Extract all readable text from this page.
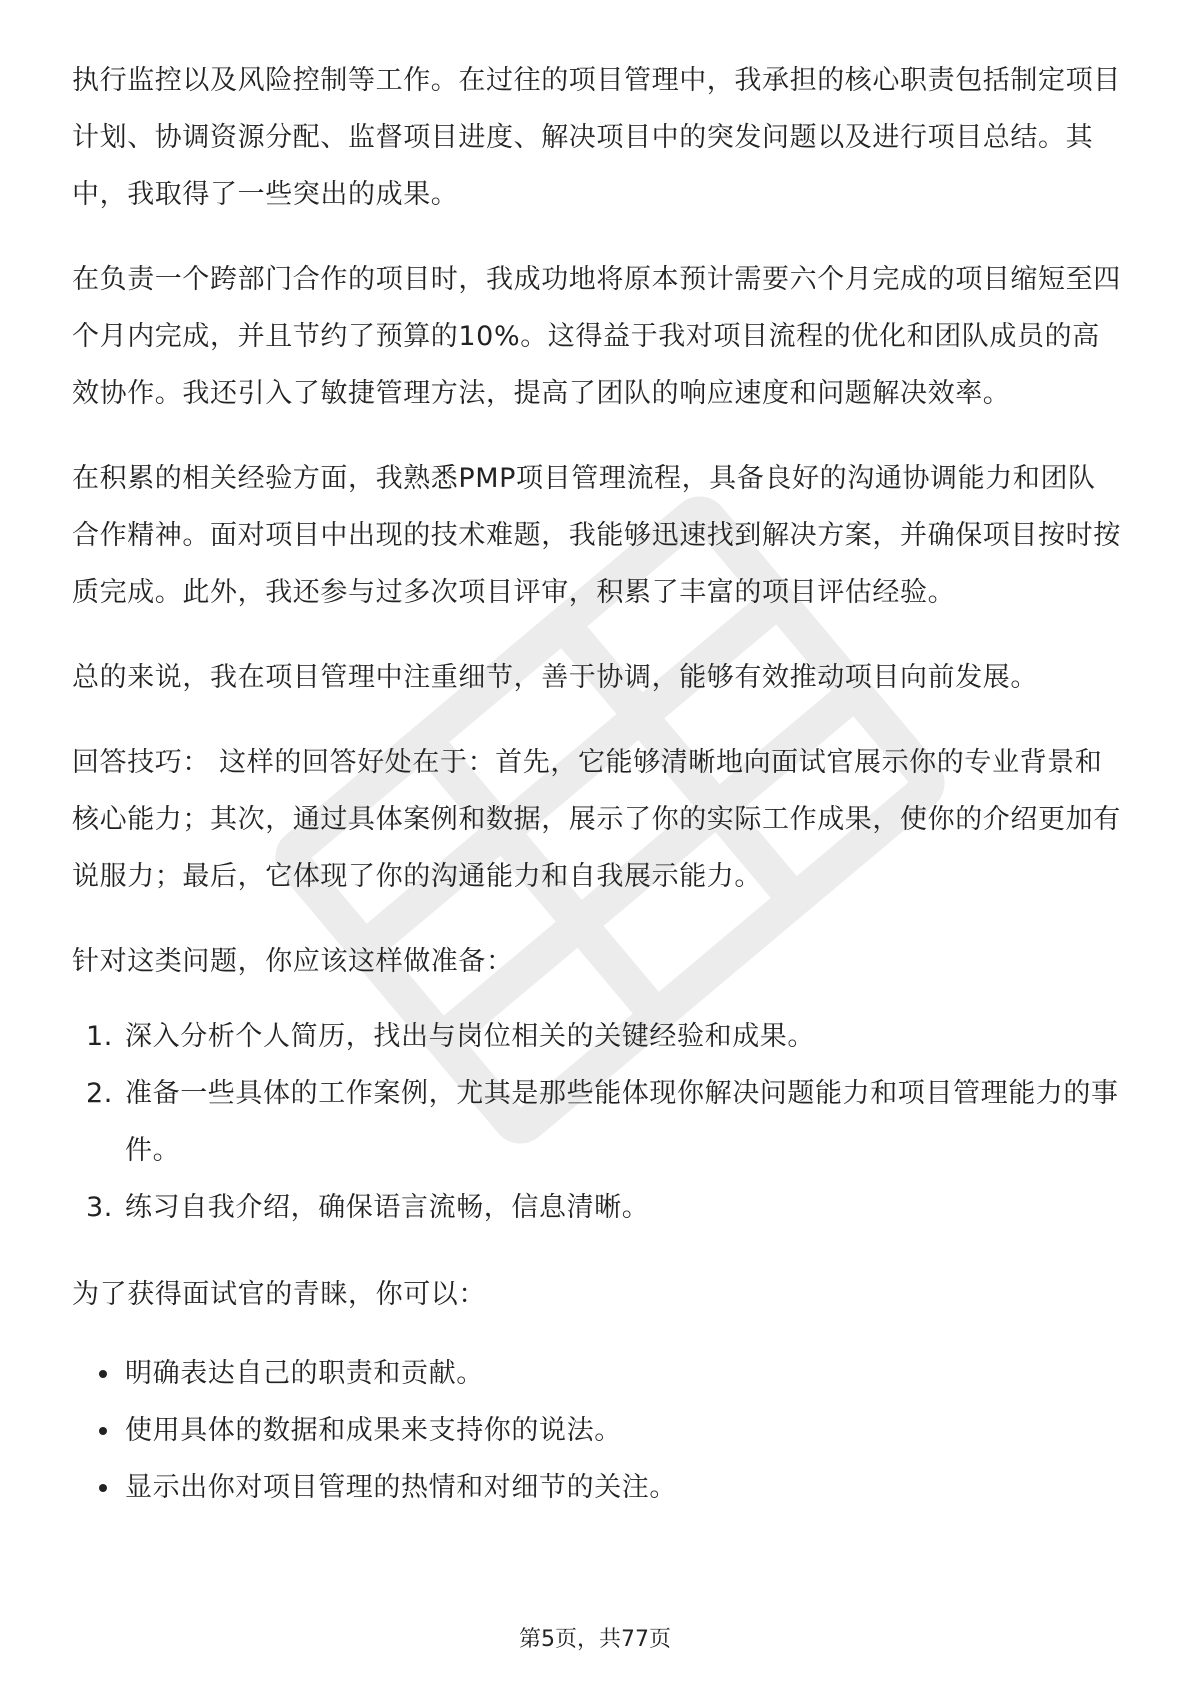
执行监控以及风险控制等工作。在过往的项目管理中，我承担的核心职责包括制定项目计划、协调资源分配、监督项目进度、解决项目中的突发问题以及进行项目总结。其中，我取得了一些突出的成果。

在负责一个跨部门合作的项目时，我成功地将原本预计需要六个月完成的项目缩短至四个月内完成，并且节约了预算的10%。这得益于我对项目流程的优化和团队成员的高效协作。我还引入了敏捷管理方法，提高了团队的响应速度和问题解决效率。

在积累的相关经验方面，我熟悉PMP项目管理流程，具备良好的沟通协调能力和团队合作精神。面对项目中出现的技术难题，我能够迅速找到解决方案，并确保项目按时按质完成。此外，我还参与过多次项目评审，积累了丰富的项目评估经验。

总的来说，我在项目管理中注重细节，善于协调，能够有效推动项目向前发展。

回答技巧： 这样的回答好处在于：首先，它能够清晰地向面试官展示你的专业背景和核心能力；其次，通过具体案例和数据，展示了你的实际工作成果，使你的介绍更加有说服力；最后，它体现了你的沟通能力和自我展示能力。

针对这类问题，你应该这样做准备：

1. 深入分析个人简历，找出与岗位相关的关键经验和成果。
2. 准备一些具体的工作案例，尤其是那些能体现你解决问题能力和项目管理能力的事件。
3. 练习自我介绍，确保语言流畅，信息清晰。

为了获得面试官的青睐，你可以：

明确表达自己的职责和贡献。
使用具体的数据和成果来支持你的说法。
显示出你对项目管理的热情和对细节的关注。
第5页，共77页
